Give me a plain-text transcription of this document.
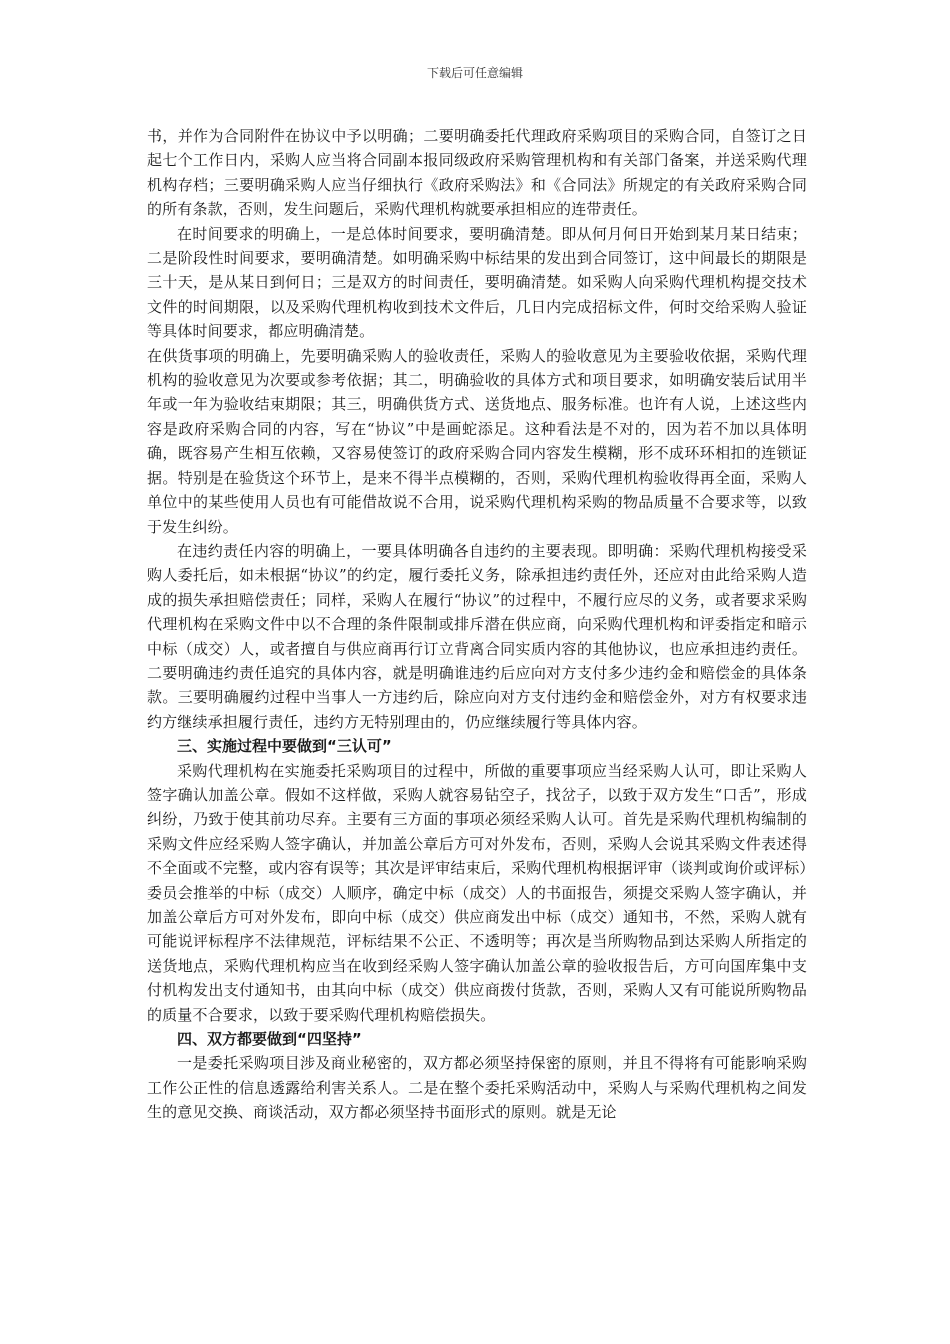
下载后可任意编辑

书，并作为合同附件在协议中予以明确；二要明确委托代理政府采购项目的采购合同，自签订之日起七个工作日内，采购人应当将合同副本报同级政府采购管理机构和有关部门备案，并送采购代理机构存档；三要明确采购人应当仔细执行《政府采购法》和《合同法》所规定的有关政府采购合同的所有条款，否则，发生问题后，采购代理机构就要承担相应的连带责任。

在时间要求的明确上，一是总体时间要求，要明确清楚。即从何月何日开始到某月某日结束；二是阶段性时间要求，要明确清楚。如明确采购中标结果的发出到合同签订，这中间最长的期限是三十天，是从某日到何日；三是双方的时间责任，要明确清楚。如采购人向采购代理机构提交技术文件的时间期限，以及采购代理机构收到技术文件后，几日内完成招标文件，何时交给采购人验证等具体时间要求，都应明确清楚。

在供货事项的明确上，先要明确采购人的验收责任，采购人的验收意见为主要验收依据，采购代理机构的验收意见为次要或参考依据；其二，明确验收的具体方式和项目要求，如明确安装后试用半年或一年为验收结束期限；其三，明确供货方式、送货地点、服务标准。也许有人说，上述这些内容是政府采购合同的内容，写在“协议”中是画蛇添足。这种看法是不对的，因为若不加以具体明确，既容易产生相互依赖，又容易使签订的政府采购合同内容发生模糊，形不成环环相扣的连锁证据。特别是在验货这个环节上，是来不得半点模糊的，否则，采购代理机构验收得再全面，采购人单位中的某些使用人员也有可能借故说不合用，说采购代理机构采购的物品质量不合要求等，以致于发生纠纷。

在违约责任内容的明确上，一要具体明确各自违约的主要表现。即明确：采购代理机构接受采购人委托后，如未根据“协议”的约定，履行委托义务，除承担违约责任外，还应对由此给采购人造成的损失承担赔偿责任；同样，采购人在履行“协议”的过程中，不履行应尽的义务，或者要求采购代理机构在采购文件中以不合理的条件限制或排斥潜在供应商，向采购代理机构和评委指定和暗示中标（成交）人，或者擅自与供应商再行订立背离合同实质内容的其他协议，也应承担违约责任。二要明确违约责任追究的具体内容，就是明确谁违约后应向对方支付多少违约金和赔偿金的具体条款。三要明确履约过程中当事人一方违约后，除应向对方支付违约金和赔偿金外，对方有权要求违约方继续承担履行责任，违约方无特别理由的，仍应继续履行等具体内容。

三、实施过程中要做到“三认可”

采购代理机构在实施委托采购项目的过程中，所做的重要事项应当经采购人认可，即让采购人签字确认加盖公章。假如不这样做，采购人就容易钻空子，找岔子，以致于双方发生“口舌”，形成纠纷，乃致于使其前功尽弃。主要有三方面的事项必须经采购人认可。首先是采购代理机构编制的采购文件应经采购人签字确认，并加盖公章后方可对外发布，否则，采购人会说其采购文件表述得不全面或不完整，或内容有误等；其次是评审结束后，采购代理机构根据评审（谈判或询价或评标）委员会推举的中标（成交）人顺序，确定中标（成交）人的书面报告，须提交采购人签字确认，并加盖公章后方可对外发布，即向中标（成交）供应商发出中标（成交）通知书，不然，采购人就有可能说评标程序不法律规范，评标结果不公正、不透明等；再次是当所购物品到达采购人所指定的送货地点，采购代理机构应当在收到经采购人签字确认加盖公章的验收报告后，方可向国库集中支付机构发出支付通知书，由其向中标（成交）供应商拨付货款，否则，采购人又有可能说所购物品的质量不合要求，以致于要采购代理机构赔偿损失。

四、双方都要做到“四坚持”

一是委托采购项目涉及商业秘密的，双方都必须坚持保密的原则，并且不得将有可能影响采购工作公正性的信息透露给利害关系人。二是在整个委托采购活动中，采购人与采购代理机构之间发生的意见交换、商谈活动，双方都必须坚持书面形式的原则。就是无论
